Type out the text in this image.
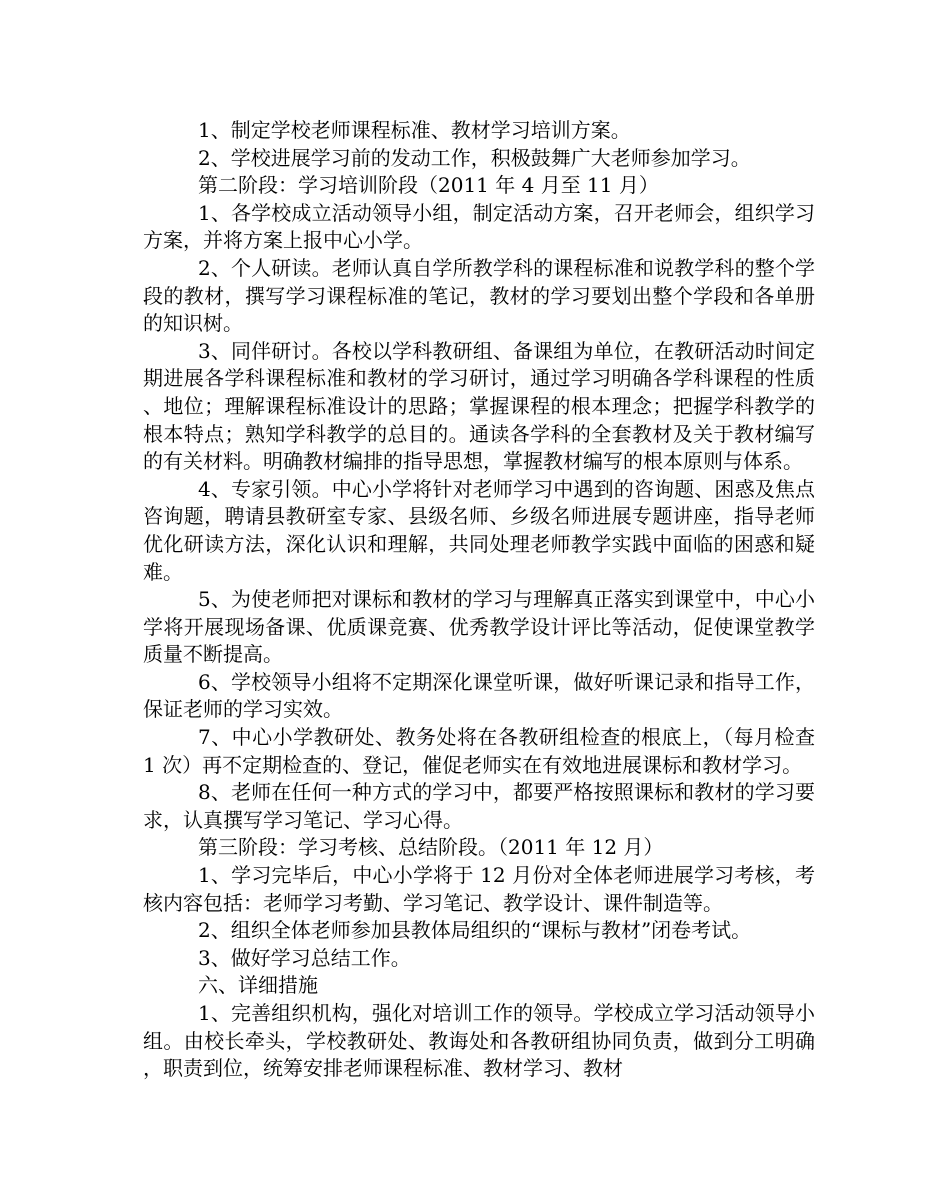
1、制定学校老师课程标准、教材学习培训方案。

2、学校进展学习前的发动工作，积极鼓舞广大老师参加学习。

第二阶段：学习培训阶段（2011 年 4 月至 11 月）

1、各学校成立活动领导小组，制定活动方案，召开老师会，组织学习方案，并将方案上报中心小学。

2、个人研读。老师认真自学所教学科的课程标准和说教学科的整个学段的教材，撰写学习课程标准的笔记，教材的学习要划出整个学段和各单册的知识树。

3、同伴研讨。各校以学科教研组、备课组为单位，在教研活动时间定期进展各学科课程标准和教材的学习研讨，通过学习明确各学科课程的性质、地位；理解课程标准设计的思路；掌握课程的根本理念；把握学科教学的根本特点；熟知学科教学的总目的。通读各学科的全套教材及关于教材编写的有关材料。明确教材编排的指导思想，掌握教材编写的根本原则与体系。

4、专家引领。中心小学将针对老师学习中遇到的咨询题、困惑及焦点咨询题，聘请县教研室专家、县级名师、乡级名师进展专题讲座，指导老师优化研读方法，深化认识和理解，共同处理老师教学实践中面临的困惑和疑难。

5、为使老师把对课标和教材的学习与理解真正落实到课堂中，中心小学将开展现场备课、优质课竞赛、优秀教学设计评比等活动，促使课堂教学质量不断提高。

6、学校领导小组将不定期深化课堂听课，做好听课记录和指导工作，保证老师的学习实效。

7、中心小学教研处、教务处将在各教研组检查的根底上，（每月检查 1 次）再不定期检查的、登记，催促老师实在有效地进展课标和教材学习。

8、老师在任何一种方式的学习中，都要严格按照课标和教材的学习要求，认真撰写学习笔记、学习心得。

第三阶段：学习考核、总结阶段。（2011 年 12 月）

1、学习完毕后，中心小学将于 12 月份对全体老师进展学习考核，考核内容包括：老师学习考勤、学习笔记、教学设计、课件制造等。

2、组织全体老师参加县教体局组织的“课标与教材”闭卷考试。

3、做好学习总结工作。

六、详细措施

1、完善组织机构，强化对培训工作的领导。学校成立学习活动领导小组。由校长牵头，学校教研处、教诲处和各教研组协同负责，做到分工明确，职责到位，统筹安排老师课程标准、教材学习、教材
